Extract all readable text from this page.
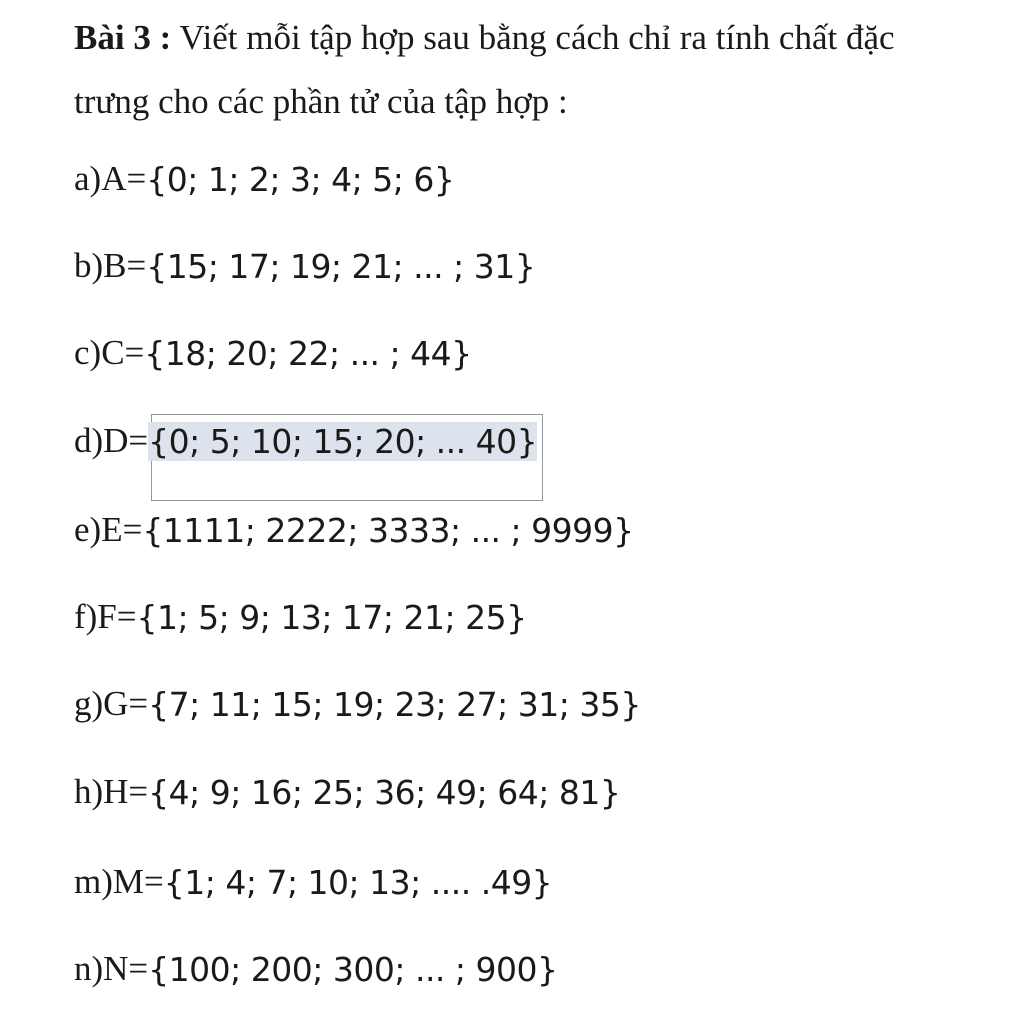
Bài 3 : Viết mỗi tập hợp sau bằng cách chỉ ra tính chất đặc trưng cho các phần tử của tập hợp :
a)A= {0; 1; 2; 3; 4; 5; 6}
b)B= {15; 17; 19; 21; ... ; 31}
c)C= {18; 20; 22; ... ; 44}
d)D= {0; 5; 10; 15; 20; ... 40}
e)E= {1111; 2222; 3333; ... ; 9999}
f)F= {1; 5; 9; 13; 17; 21; 25}
g)G= {7; 11; 15; 19; 23; 27; 31; 35}
h)H= {4; 9; 16; 25; 36; 49; 64; 81}
m)M= {1; 4; 7; 10; 13; .... .49}
n)N= {100; 200; 300; ... ; 900}
